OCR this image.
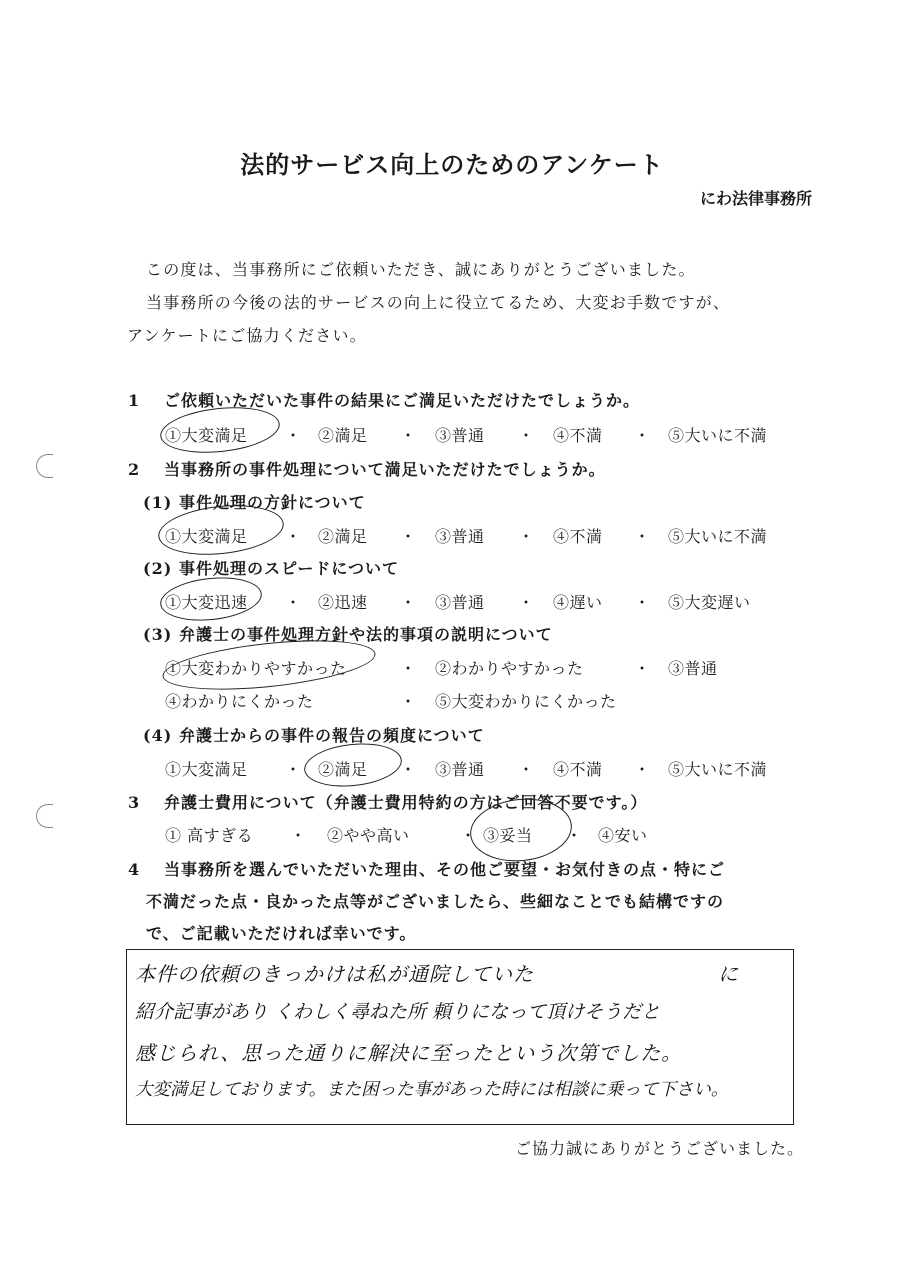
法的サービス向上のためのアンケート
にわ法律事務所
この度は、当事務所にご依頼いただき、誠にありがとうございました。
当事務所の今後の法的サービスの向上に役立てるため、大変お手数ですが、
アンケートにご協力ください。
1 ご依頼いただいた事件の結果にご満足いただけたでしょうか。
①大変満足 ・ ②満足 ・ ③普通 ・ ④不満 ・ ⑤大いに不満
2 当事務所の事件処理について満足いただけたでしょうか。
(1) 事件処理の方針について
①大変満足 ・ ②満足 ・ ③普通 ・ ④不満 ・ ⑤大いに不満
(2) 事件処理のスピードについて
①大変迅速 ・ ②迅速 ・ ③普通 ・ ④遅い ・ ⑤大変遅い
(3) 弁護士の事件処理方針や法的事項の説明について
①大変わかりやすかった	・ ②わかりやすかった	・ ③普通
④わかりにくかった	・ ⑤大変わかりにくかった
(4) 弁護士からの事件の報告の頻度について
①大変満足 ・ ②満足 ・ ③普通 ・ ④不満 ・ ⑤大いに不満
3 弁護士費用について（弁護士費用特約の方はご回答不要です。）
① 高すぎる ・ ②やや高い	・ ③妥当 ・ ④安い
4 当事務所を選んでいただいた理由、その他ご要望・お気付きの点・特にご
不満だった点・良かった点等がございましたら、些細なことでも結構ですの
で、ご記載いただければ幸いです。
本件の依頼のきっかけは私が通院していた	に
紹介記事があり くわしく尋ねた所 頼りになって頂けそうだと
感じられ、思った通りに解決に至ったという次第でした。
大変満足しております。また困った事があった時には相談に乗って下さい。
ご協力誠にありがとうございました。
